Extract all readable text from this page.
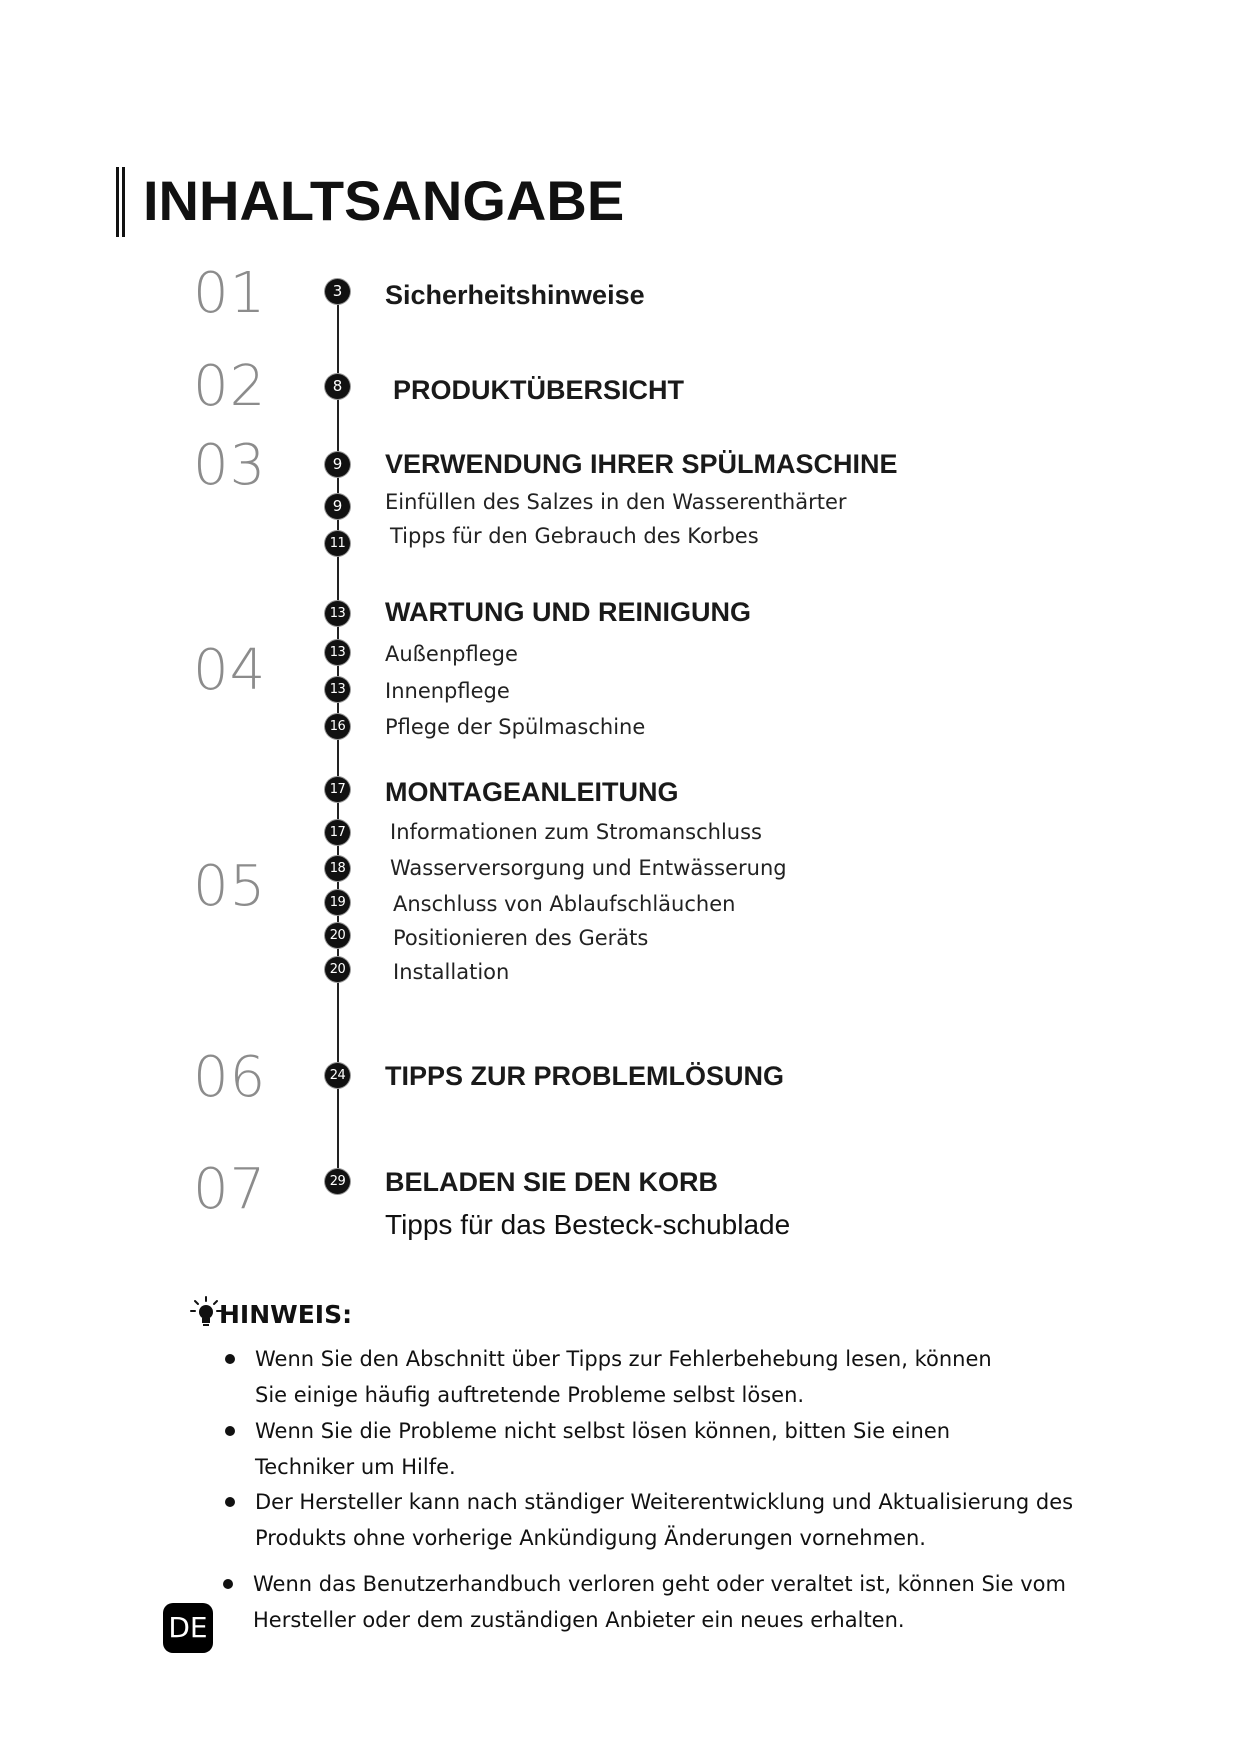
INHALTSANGABE
01
02
03
04
05
06
07
3
8
9
9
11
13
13
13
16
17
17
18
19
20
20
24
29
Sicherheitshinweise
PRODUKTÜBERSICHT
VERWENDUNG IHRER SPÜLMASCHINE
Einfüllen des Salzes in den Wasserenthärter
Tipps für den Gebrauch des Korbes
WARTUNG UND REINIGUNG
Außenpflege
Innenpflege
Pflege der Spülmaschine
MONTAGEANLEITUNG
Informationen zum Stromanschluss
Wasserversorgung und Entwässerung
Anschluss von Ablaufschläuchen
Positionieren des Geräts
Installation
TIPPS ZUR PROBLEMLÖSUNG
BELADEN SIE DEN KORB
Tipps für das Besteck-schublade
HINWEIS:
Wenn Sie den Abschnitt über Tipps zur Fehlerbehebung lesen, können
Sie einige häufig auftretende Probleme selbst lösen.
Wenn Sie die Probleme nicht selbst lösen können, bitten Sie einen
Techniker um Hilfe.
Der Hersteller kann nach ständiger Weiterentwicklung und Aktualisierung des
Produkts ohne vorherige Ankündigung Änderungen vornehmen.
Wenn das Benutzerhandbuch verloren geht oder veraltet ist, können Sie vom
Hersteller oder dem zuständigen Anbieter ein neues erhalten.
DE
